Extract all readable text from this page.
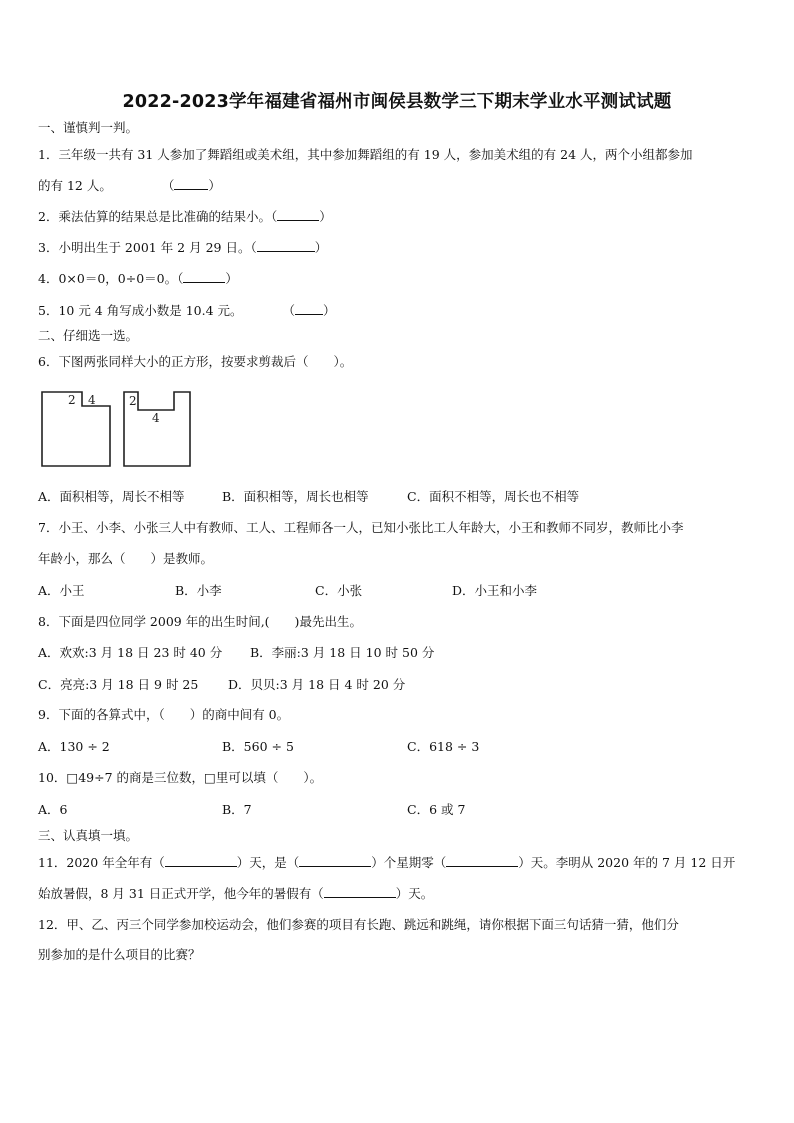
2022-2023学年福建省福州市闽侯县数学三下期末学业水平测试试题
一、谨慎判一判。
1．三年级一共有 31 人参加了舞蹈组或美术组，其中参加舞蹈组的有 19 人，参加美术组的有 24 人，两个小组都参加
的有 12 人。	（	）
2．乘法估算的结果总是比准确的结果小。（	）
3．小明出生于 2001 年 2 月 29 日。（	）
4．0×0＝0，0÷0＝0。（	）
5．10 元 4 角写成小数是 10.4 元。	（ ）
二、仔细选一选。
6．下图两张同样大小的正方形，按要求剪裁后（　　）。
2 4	2
4
A．面积相等，周长不相等	B．面积相等，周长也相等	C．面积不相等，周长也不相等
7．小王、小李、小张三人中有教师、工人、工程师各一人，已知小张比工人年龄大，小王和教师不同岁，教师比小李
年龄小，那么（　　）是教师。
A．小王	B．小李	C．小张	D．小王和小李
8．下面是四位同学 2009 年的出生时间,(　　)最先出生。
A．欢欢:3 月 18 日 23 时 40 分 B．李丽:3 月 18 日 10 时 50 分
C．亮亮:3 月 18 日 9 时 25 D．贝贝:3 月 18 日 4 时 20 分
9．下面的各算式中，（　　）的商中间有 0。
A．130 ÷ 2	B．560 ÷ 5	C．618 ÷ 3
10．□49÷7 的商是三位数，□里可以填（　　）。
A．6	B．7	C．6 或 7
三、认真填一填。
11．2020 年全年有（	）天，是（	）个星期零（	）天。李明从 2020 年的 7 月 12 日开
始放暑假，8 月 31 日正式开学，他今年的暑假有（	）天。
12．甲、乙、丙三个同学参加校运动会，他们参赛的项目有长跑、跳远和跳绳，请你根据下面三句话猜一猜，他们分
别参加的是什么项目的比赛？
